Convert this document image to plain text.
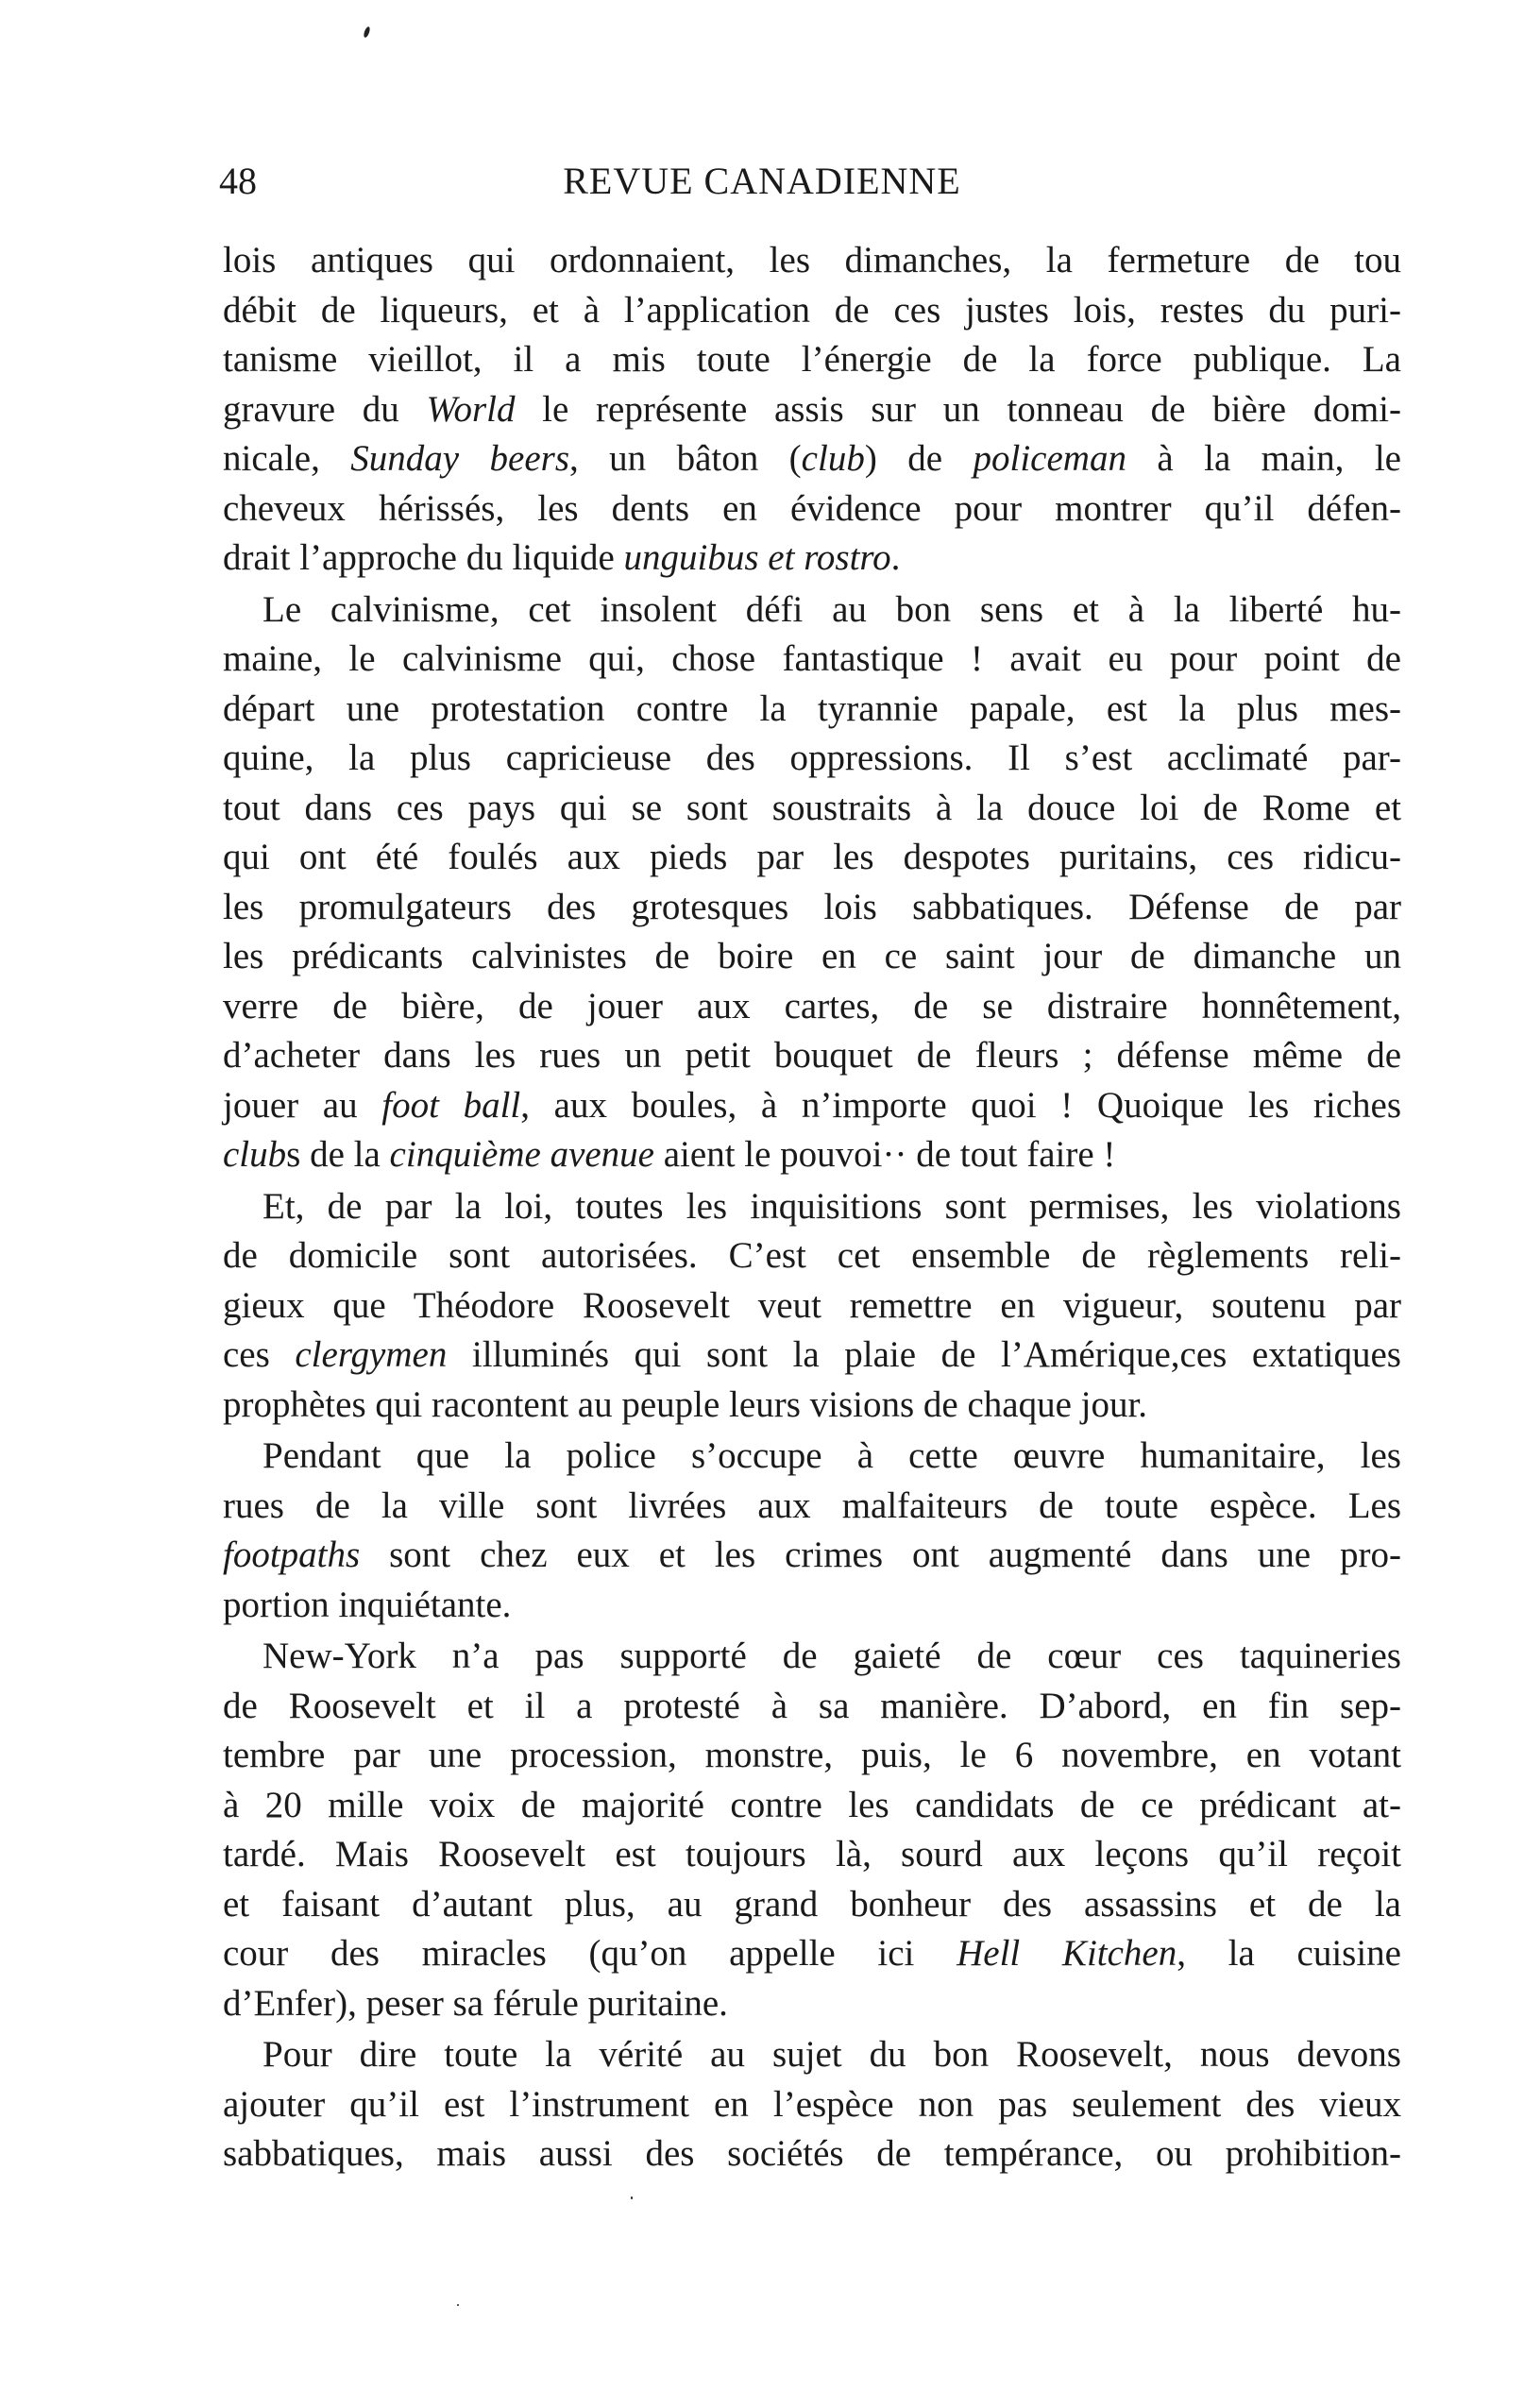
48	REVUE CANADIENNE
lois antiques qui ordonnaient, les dimanches, la fermeture de tou
débit de liqueurs, et à l’application de ces justes lois, restes du puri-
tanisme vieillot, il a mis toute l’énergie de la force publique. La
gravure du World le représente assis sur un tonneau de bière domi-
nicale, Sunday beers, un bâton (club) de policeman à la main, le
cheveux hérissés, les dents en évidence pour montrer qu’il défen-
drait l’approche du liquide unguibus et rostro.
Le calvinisme, cet insolent défi au bon sens et à la liberté hu-
maine, le calvinisme qui, chose fantastique ! avait eu pour point de
départ une protestation contre la tyrannie papale, est la plus mes-
quine, la plus capricieuse des oppressions. Il s’est acclimaté par-
tout dans ces pays qui se sont soustraits à la douce loi de Rome et
qui ont été foulés aux pieds par les despotes puritains, ces ridicu-
les promulgateurs des grotesques lois sabbatiques. Défense de par
les prédicants calvinistes de boire en ce saint jour de dimanche un
verre de bière, de jouer aux cartes, de se distraire honnêtement,
d’acheter dans les rues un petit bouquet de fleurs ; défense même de
jouer au foot ball, aux boules, à n’importe quoi ! Quoique les riches
clubs de la cinquième avenue aient le pouvoi·· de tout faire !
Et, de par la loi, toutes les inquisitions sont permises, les violations
de domicile sont autorisées. C’est cet ensemble de règlements reli-
gieux que Théodore Roosevelt veut remettre en vigueur, soutenu par
ces clergymen illuminés qui sont la plaie de l’Amérique,ces extatiques
prophètes qui racontent au peuple leurs visions de chaque jour.
Pendant que la police s’occupe à cette œuvre humanitaire, les
rues de la ville sont livrées aux malfaiteurs de toute espèce. Les
footpaths sont chez eux et les crimes ont augmenté dans une pro-
portion inquiétante.
New-York n’a pas supporté de gaieté de cœur ces taquineries
de Roosevelt et il a protesté à sa manière. D’abord, en fin sep-
tembre par une procession, monstre, puis, le 6 novembre, en votant
à 20 mille voix de majorité contre les candidats de ce prédicant at-
tardé. Mais Roosevelt est toujours là, sourd aux leçons qu’il reçoit
et faisant d’autant plus, au grand bonheur des assassins et de la
cour des miracles (qu’on appelle ici Hell Kitchen, la cuisine
d’Enfer), peser sa férule puritaine.
Pour dire toute la vérité au sujet du bon Roosevelt, nous devons
ajouter qu’il est l’instrument en l’espèce non pas seulement des vieux
sabbatiques, mais aussi des sociétés de tempérance, ou prohibition-
